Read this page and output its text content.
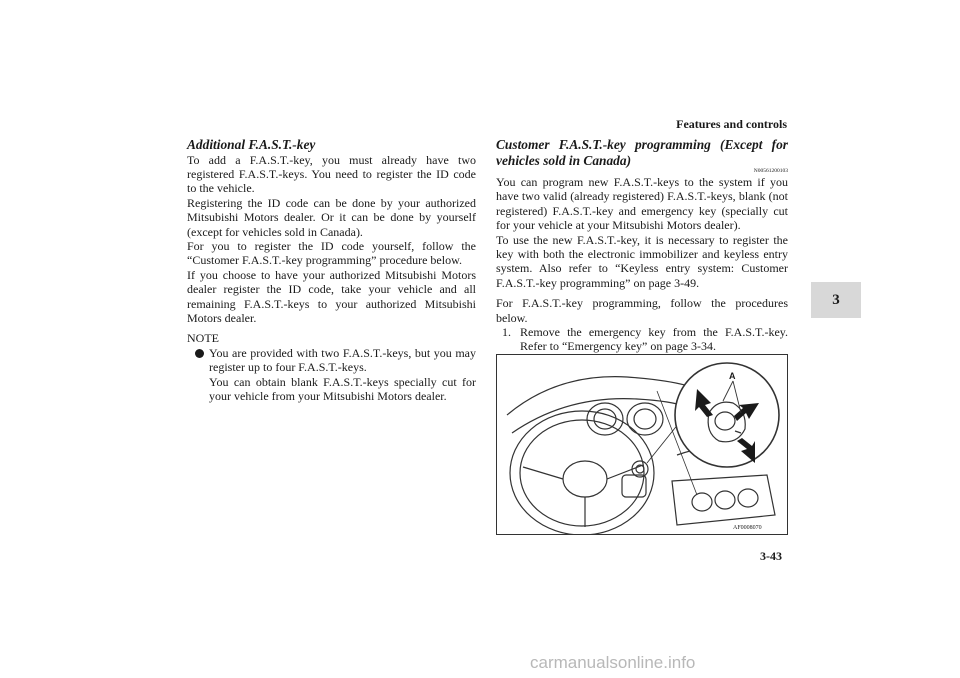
Features and controls
3

Additional F.A.S.T.-key

To add a F.A.S.T.-key, you must already have two registered F.A.S.T.-keys. You need to register the ID code to the vehicle.

Registering the ID code can be done by your authorized Mitsubishi Motors dealer. Or it can be done by yourself (except for vehicles sold in Canada).

For you to register the ID code yourself, follow the “Customer F.A.S.T.-key programming” procedure below.

If you choose to have your authorized Mitsubishi Motors dealer register the ID code, take your vehicle and all remaining F.A.S.T.-keys to your authorized Mitsubishi Motors dealer.

NOTE

You are provided with two F.A.S.T.-keys, but you may register up to four F.A.S.T.-keys.

You can obtain blank F.A.S.T.-keys specially cut for your vehicle from your Mitsubishi Motors dealer.

Customer F.A.S.T.-key programming (Except for vehicles sold in Canada)

N00561200103

You can program new F.A.S.T.-keys to the system if you have two valid (already registered) F.A.S.T.-keys, blank (not registered) F.A.S.T.-key and emergency key (specially cut for your vehicle at your Mitsubishi Motors dealer).

To use the new F.A.S.T.-key, it is necessary to register the key with both the electronic immobilizer and keyless entry system. Also refer to “Keyless entry system: Customer F.A.S.T.-key programming” on page 3-49.

For F.A.S.T.-key programming, follow the procedures below.

1. Remove the emergency key from the F.A.S.T.-key. Refer to “Emergency key” on page 3-34.
A
AF0008070
3-43
carmanualsonline.info
